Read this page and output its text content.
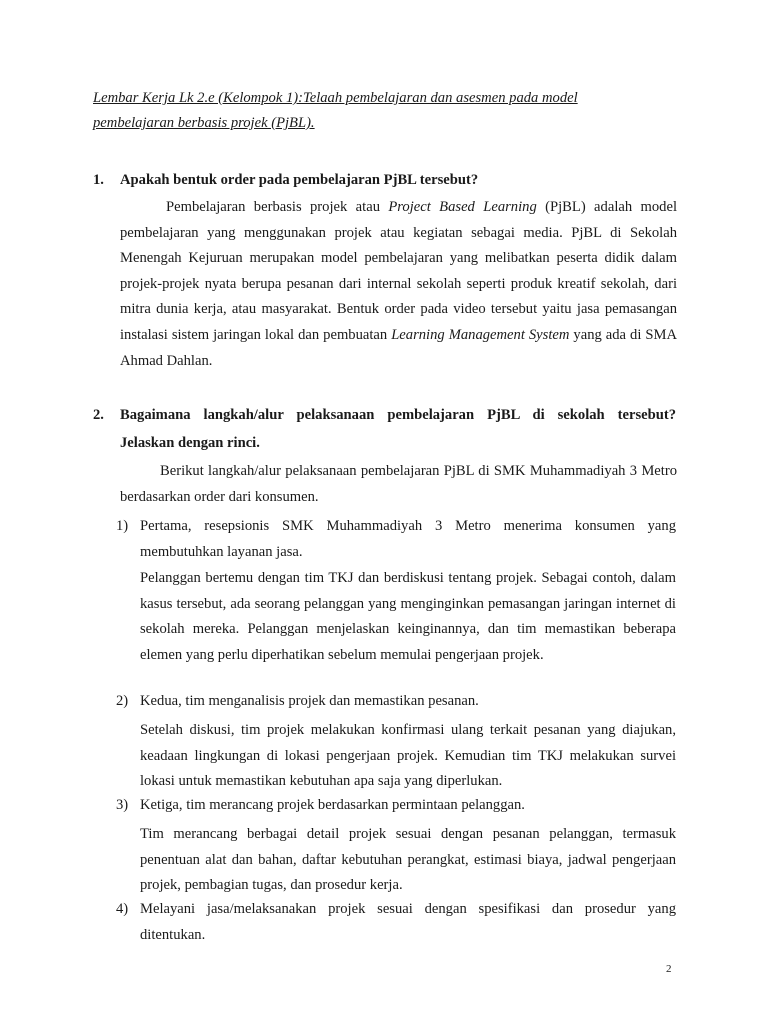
Lembar Kerja Lk 2.e (Kelompok 1):Telaah pembelajaran dan asesmen pada model
pembelajaran berbasis projek (PjBL).
1. Apakah bentuk order pada pembelajaran PjBL tersebut?
Pembelajaran berbasis projek atau Project Based Learning (PjBL) adalah model pembelajaran yang menggunakan projek atau kegiatan sebagai media. PjBL di Sekolah Menengah Kejuruan merupakan model pembelajaran yang melibatkan peserta didik dalam projek-projek nyata berupa pesanan dari internal sekolah seperti produk kreatif sekolah, dari mitra dunia kerja, atau masyarakat. Bentuk order pada video tersebut yaitu jasa pemasangan instalasi sistem jaringan lokal dan pembuatan Learning Management System yang ada di SMA Ahmad Dahlan.
2. Bagaimana langkah/alur pelaksanaan pembelajaran PjBL di sekolah tersebut?
Jelaskan dengan rinci.
Berikut langkah/alur pelaksanaan pembelajaran PjBL di SMK Muhammadiyah 3 Metro berdasarkan order dari konsumen.
1) Pertama, resepsionis SMK Muhammadiyah 3 Metro menerima konsumen yang membutuhkan layanan jasa.
Pelanggan bertemu dengan tim TKJ dan berdiskusi tentang projek. Sebagai contoh, dalam kasus tersebut, ada seorang pelanggan yang menginginkan pemasangan jaringan internet di sekolah mereka. Pelanggan menjelaskan keinginannya, dan tim memastikan beberapa elemen yang perlu diperhatikan sebelum memulai pengerjaan projek.
2) Kedua, tim menganalisis projek dan memastikan pesanan.
Setelah diskusi, tim projek melakukan konfirmasi ulang terkait pesanan yang diajukan, keadaan lingkungan di lokasi pengerjaan projek. Kemudian tim TKJ melakukan survei lokasi untuk memastikan kebutuhan apa saja yang diperlukan.
3) Ketiga, tim merancang projek berdasarkan permintaan pelanggan.
Tim merancang berbagai detail projek sesuai dengan pesanan pelanggan, termasuk penentuan alat dan bahan, daftar kebutuhan perangkat, estimasi biaya, jadwal pengerjaan projek, pembagian tugas, dan prosedur kerja.
4) Melayani jasa/melaksanakan projek sesuai dengan spesifikasi dan prosedur yang ditentukan.
2
